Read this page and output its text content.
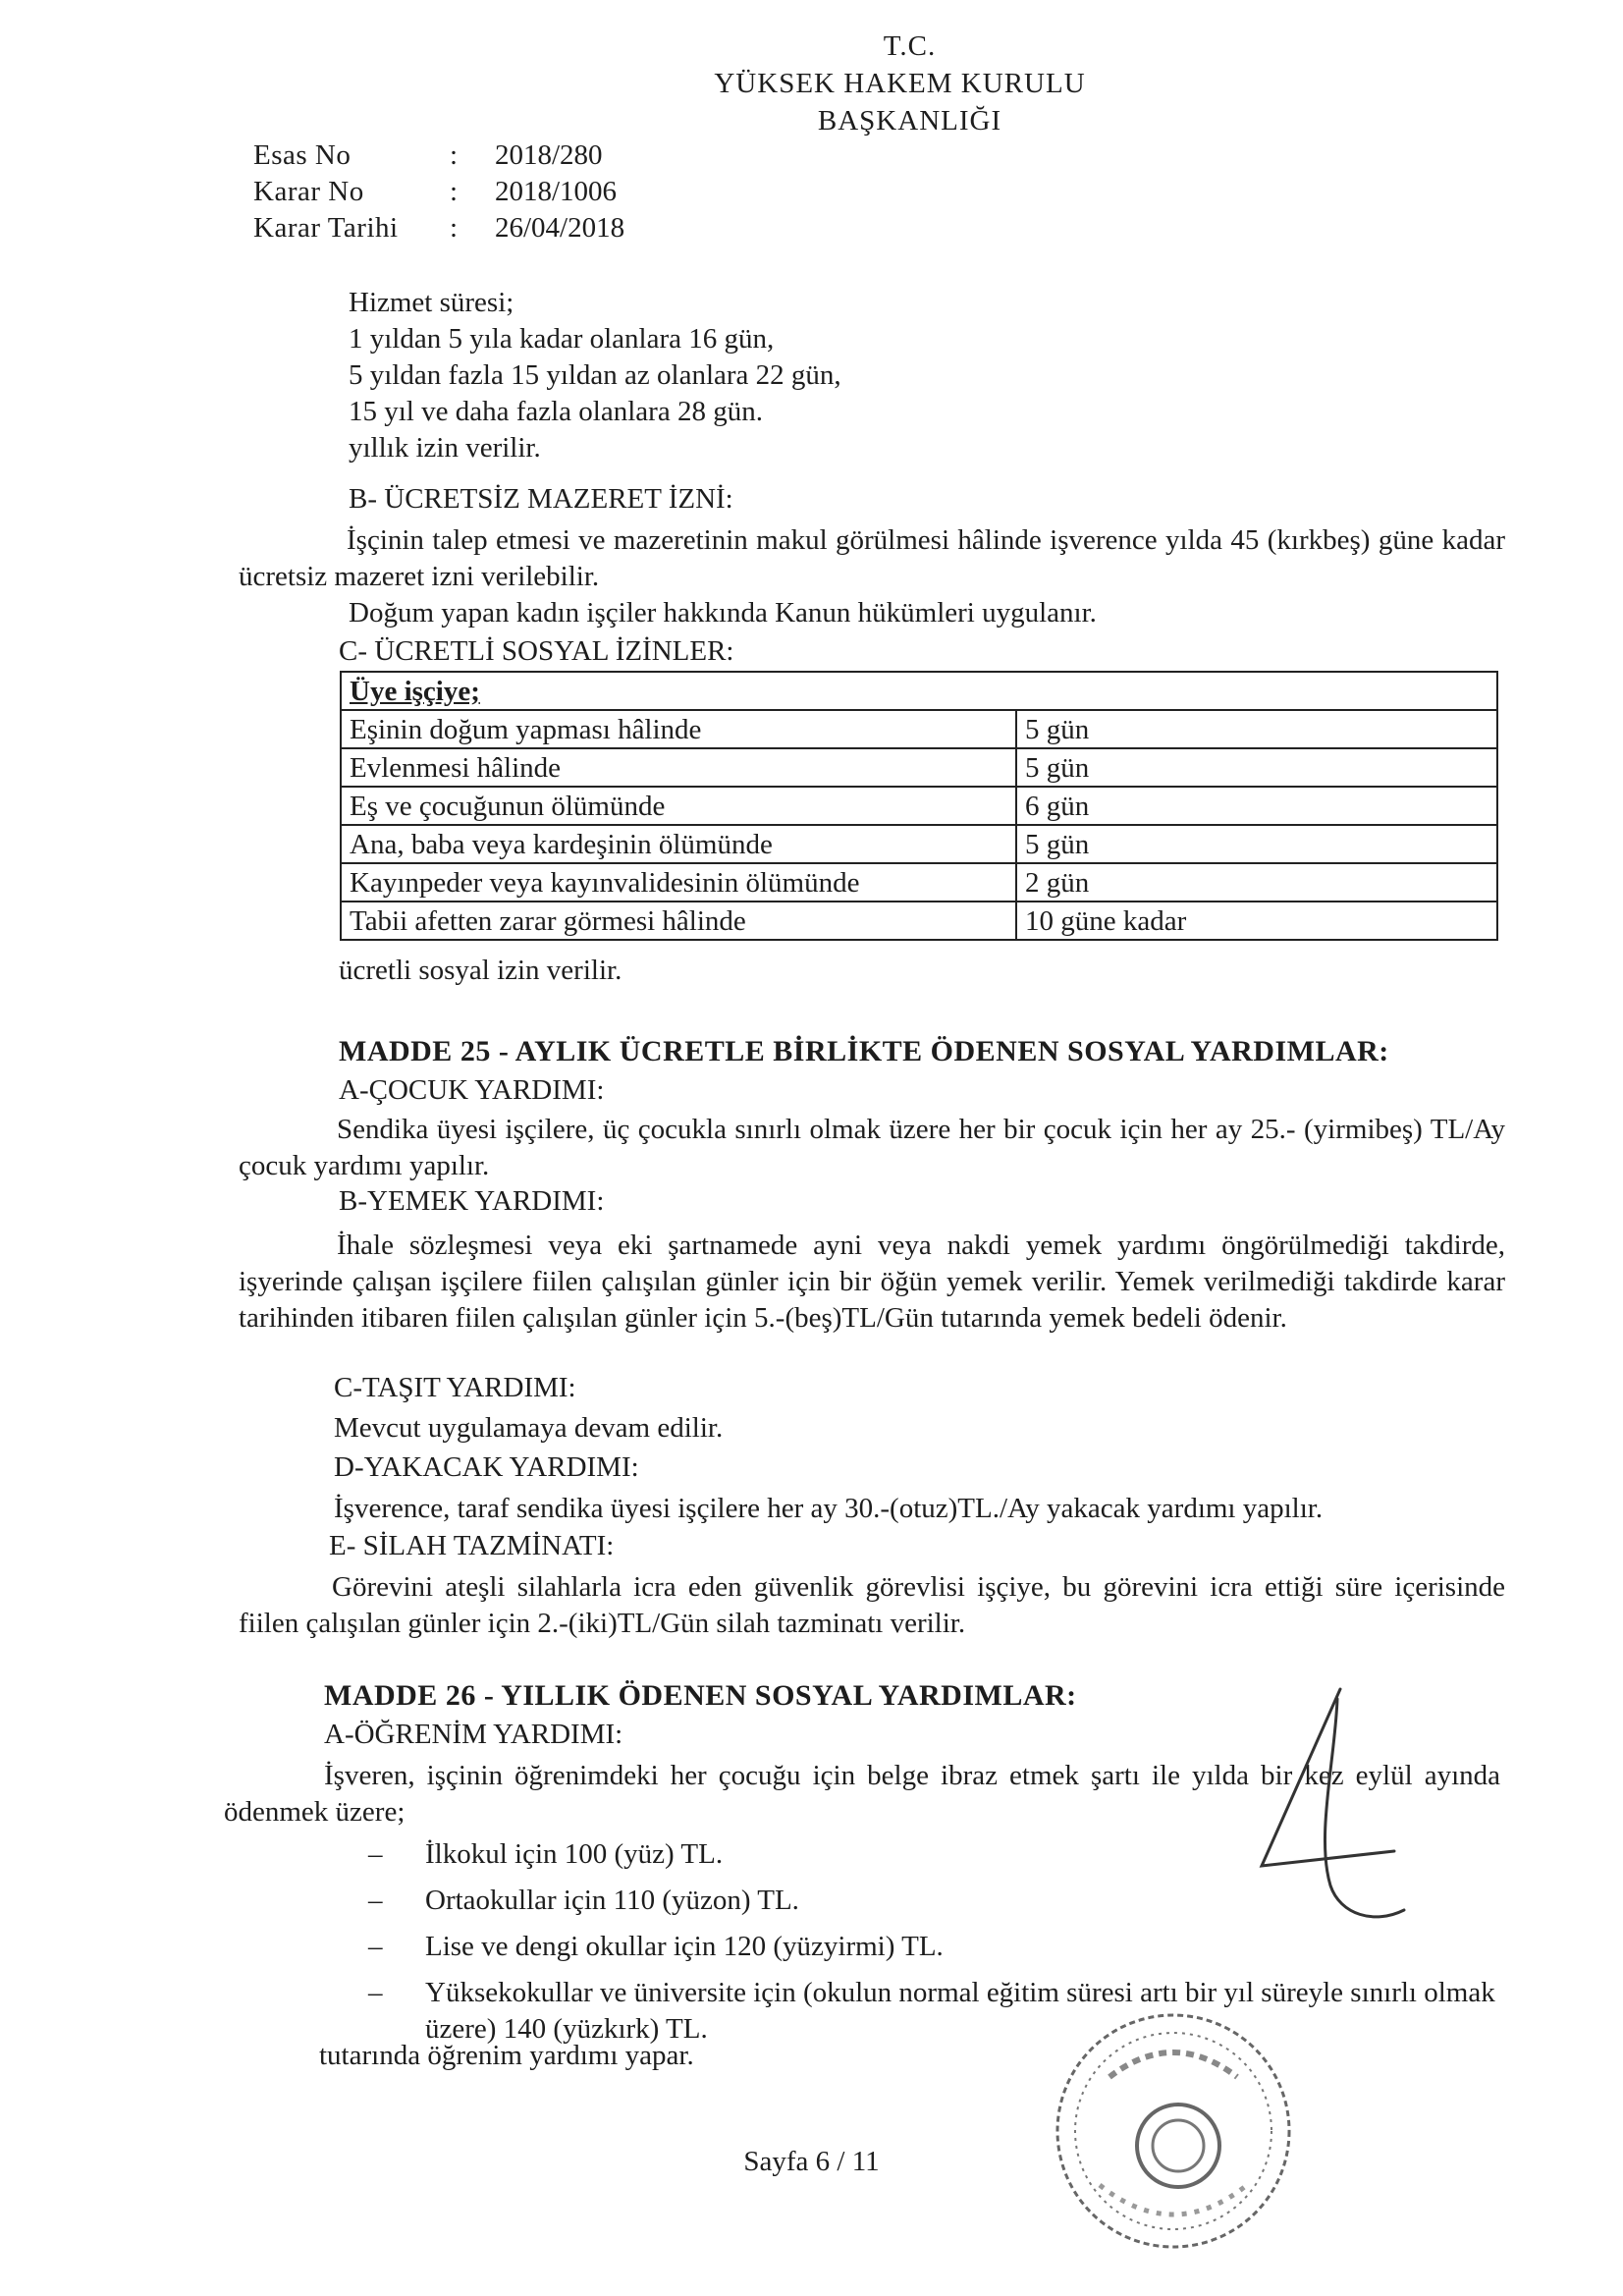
T.C.
YÜKSEK HAKEM KURULU
BAŞKANLIĞI
Esas No	:	2018/280
Karar No	:	2018/1006
Karar Tarihi	:	26/04/2018
Hizmet süresi;
1 yıldan 5 yıla kadar olanlara 16 gün,
5 yıldan fazla 15 yıldan az olanlara 22 gün,
15 yıl ve daha fazla olanlara 28 gün.
yıllık izin verilir.
B- ÜCRETSİZ MAZERET İZNİ:
İşçinin talep etmesi ve mazeretinin makul görülmesi hâlinde işverence yılda 45 (kırkbeş) güne kadar ücretsiz mazeret izni verilebilir.
Doğum yapan kadın işçiler hakkında Kanun hükümleri uygulanır.
C- ÜCRETLİ SOSYAL İZİNLER:
Üye işçiye;	
Eşinin doğum yapması hâlinde	5 gün
Evlenmesi hâlinde	5 gün
Eş ve çocuğunun ölümünde	6 gün
Ana, baba veya kardeşinin ölümünde	5 gün
Kayınpeder veya kayınvalidesinin ölümünde	2 gün
Tabii afetten zarar görmesi hâlinde	10 güne kadar
ücretli sosyal izin verilir.
MADDE 25 - AYLIK ÜCRETLE BİRLİKTE ÖDENEN SOSYAL YARDIMLAR:
A-ÇOCUK YARDIMI:
Sendika üyesi işçilere, üç çocukla sınırlı olmak üzere her bir çocuk için her ay 25.- (yirmibeş) TL/Ay çocuk yardımı yapılır.
B-YEMEK YARDIMI:
İhale sözleşmesi veya eki şartnamede ayni veya nakdi yemek yardımı öngörülmediği takdirde, işyerinde çalışan işçilere fiilen çalışılan günler için bir öğün yemek verilir. Yemek verilmediği takdirde karar tarihinden itibaren fiilen çalışılan günler için 5.-(beş)TL/Gün tutarında yemek bedeli ödenir.
C-TAŞIT YARDIMI:
Mevcut uygulamaya devam edilir.
D-YAKACAK YARDIMI:
İşverence, taraf sendika üyesi işçilere her ay 30.-(otuz)TL./Ay yakacak yardımı yapılır.
E- SİLAH TAZMİNATI:
Görevini ateşli silahlarla icra eden güvenlik görevlisi işçiye, bu görevini icra ettiği süre içerisinde fiilen çalışılan günler için 2.-(iki)TL/Gün silah tazminatı verilir.
MADDE 26 - YILLIK ÖDENEN SOSYAL YARDIMLAR:
A-ÖĞRENİM YARDIMI:
İşveren, işçinin öğrenimdeki her çocuğu için belge ibraz etmek şartı ile yılda bir kez eylül ayında ödenmek üzere;
–	İlkokul için 100 (yüz) TL.
–	Ortaokullar için 110 (yüzon) TL.
–	Lise ve dengi okullar için 120 (yüzyirmi) TL.
–	Yüksekokullar ve üniversite için (okulun normal eğitim süresi artı bir yıl süreyle sınırlı olmak üzere) 140 (yüzkırk) TL.
tutarında öğrenim yardımı yapar.
Sayfa 6 / 11
